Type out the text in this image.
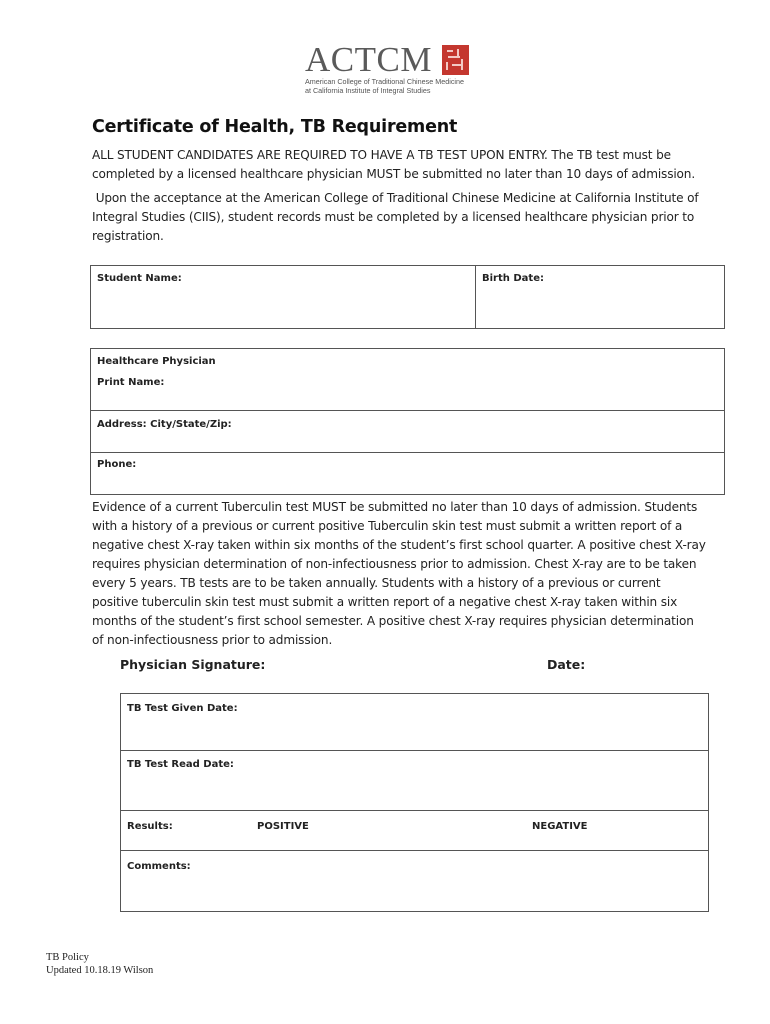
ACTCM
American College of Traditional Chinese Medicine
at California Institute of Integral Studies
Certificate of Health, TB Requirement

ALL STUDENT CANDIDATES ARE REQUIRED TO HAVE A TB TEST UPON ENTRY. The TB test must be

completed by a licensed healthcare physician MUST be submitted no later than 10 days of admission.

Upon the acceptance at the American College of Traditional Chinese Medicine at California Institute of

Integral Studies (CIIS), student records must be completed by a licensed healthcare physician prior to

registration.

Student Name:	Birth Date:
Healthcare Physician
Print Name:
Address: City/State/Zip:
Phone:

Evidence of a current Tuberculin test MUST be submitted no later than 10 days of admission. Students

with a history of a previous or current positive Tuberculin skin test must submit a written report of a

negative chest X-ray taken within six months of the student’s first school quarter. A positive chest X-ray

requires physician determination of non-infectiousness prior to admission. Chest X-ray are to be taken

every 5 years. TB tests are to be taken annually. Students with a history of a previous or current

positive tuberculin skin test must submit a written report of a negative chest X-ray taken within six

months of the student’s first school semester. A positive chest X-ray requires physician determination

of non-infectiousness prior to admission.

Physician Signature:	Date:
TB Test Given Date:
TB Test Read Date:
Results:	POSITIVE	NEGATIVE
Comments:
TB Policy
Updated 10.18.19 Wilson
